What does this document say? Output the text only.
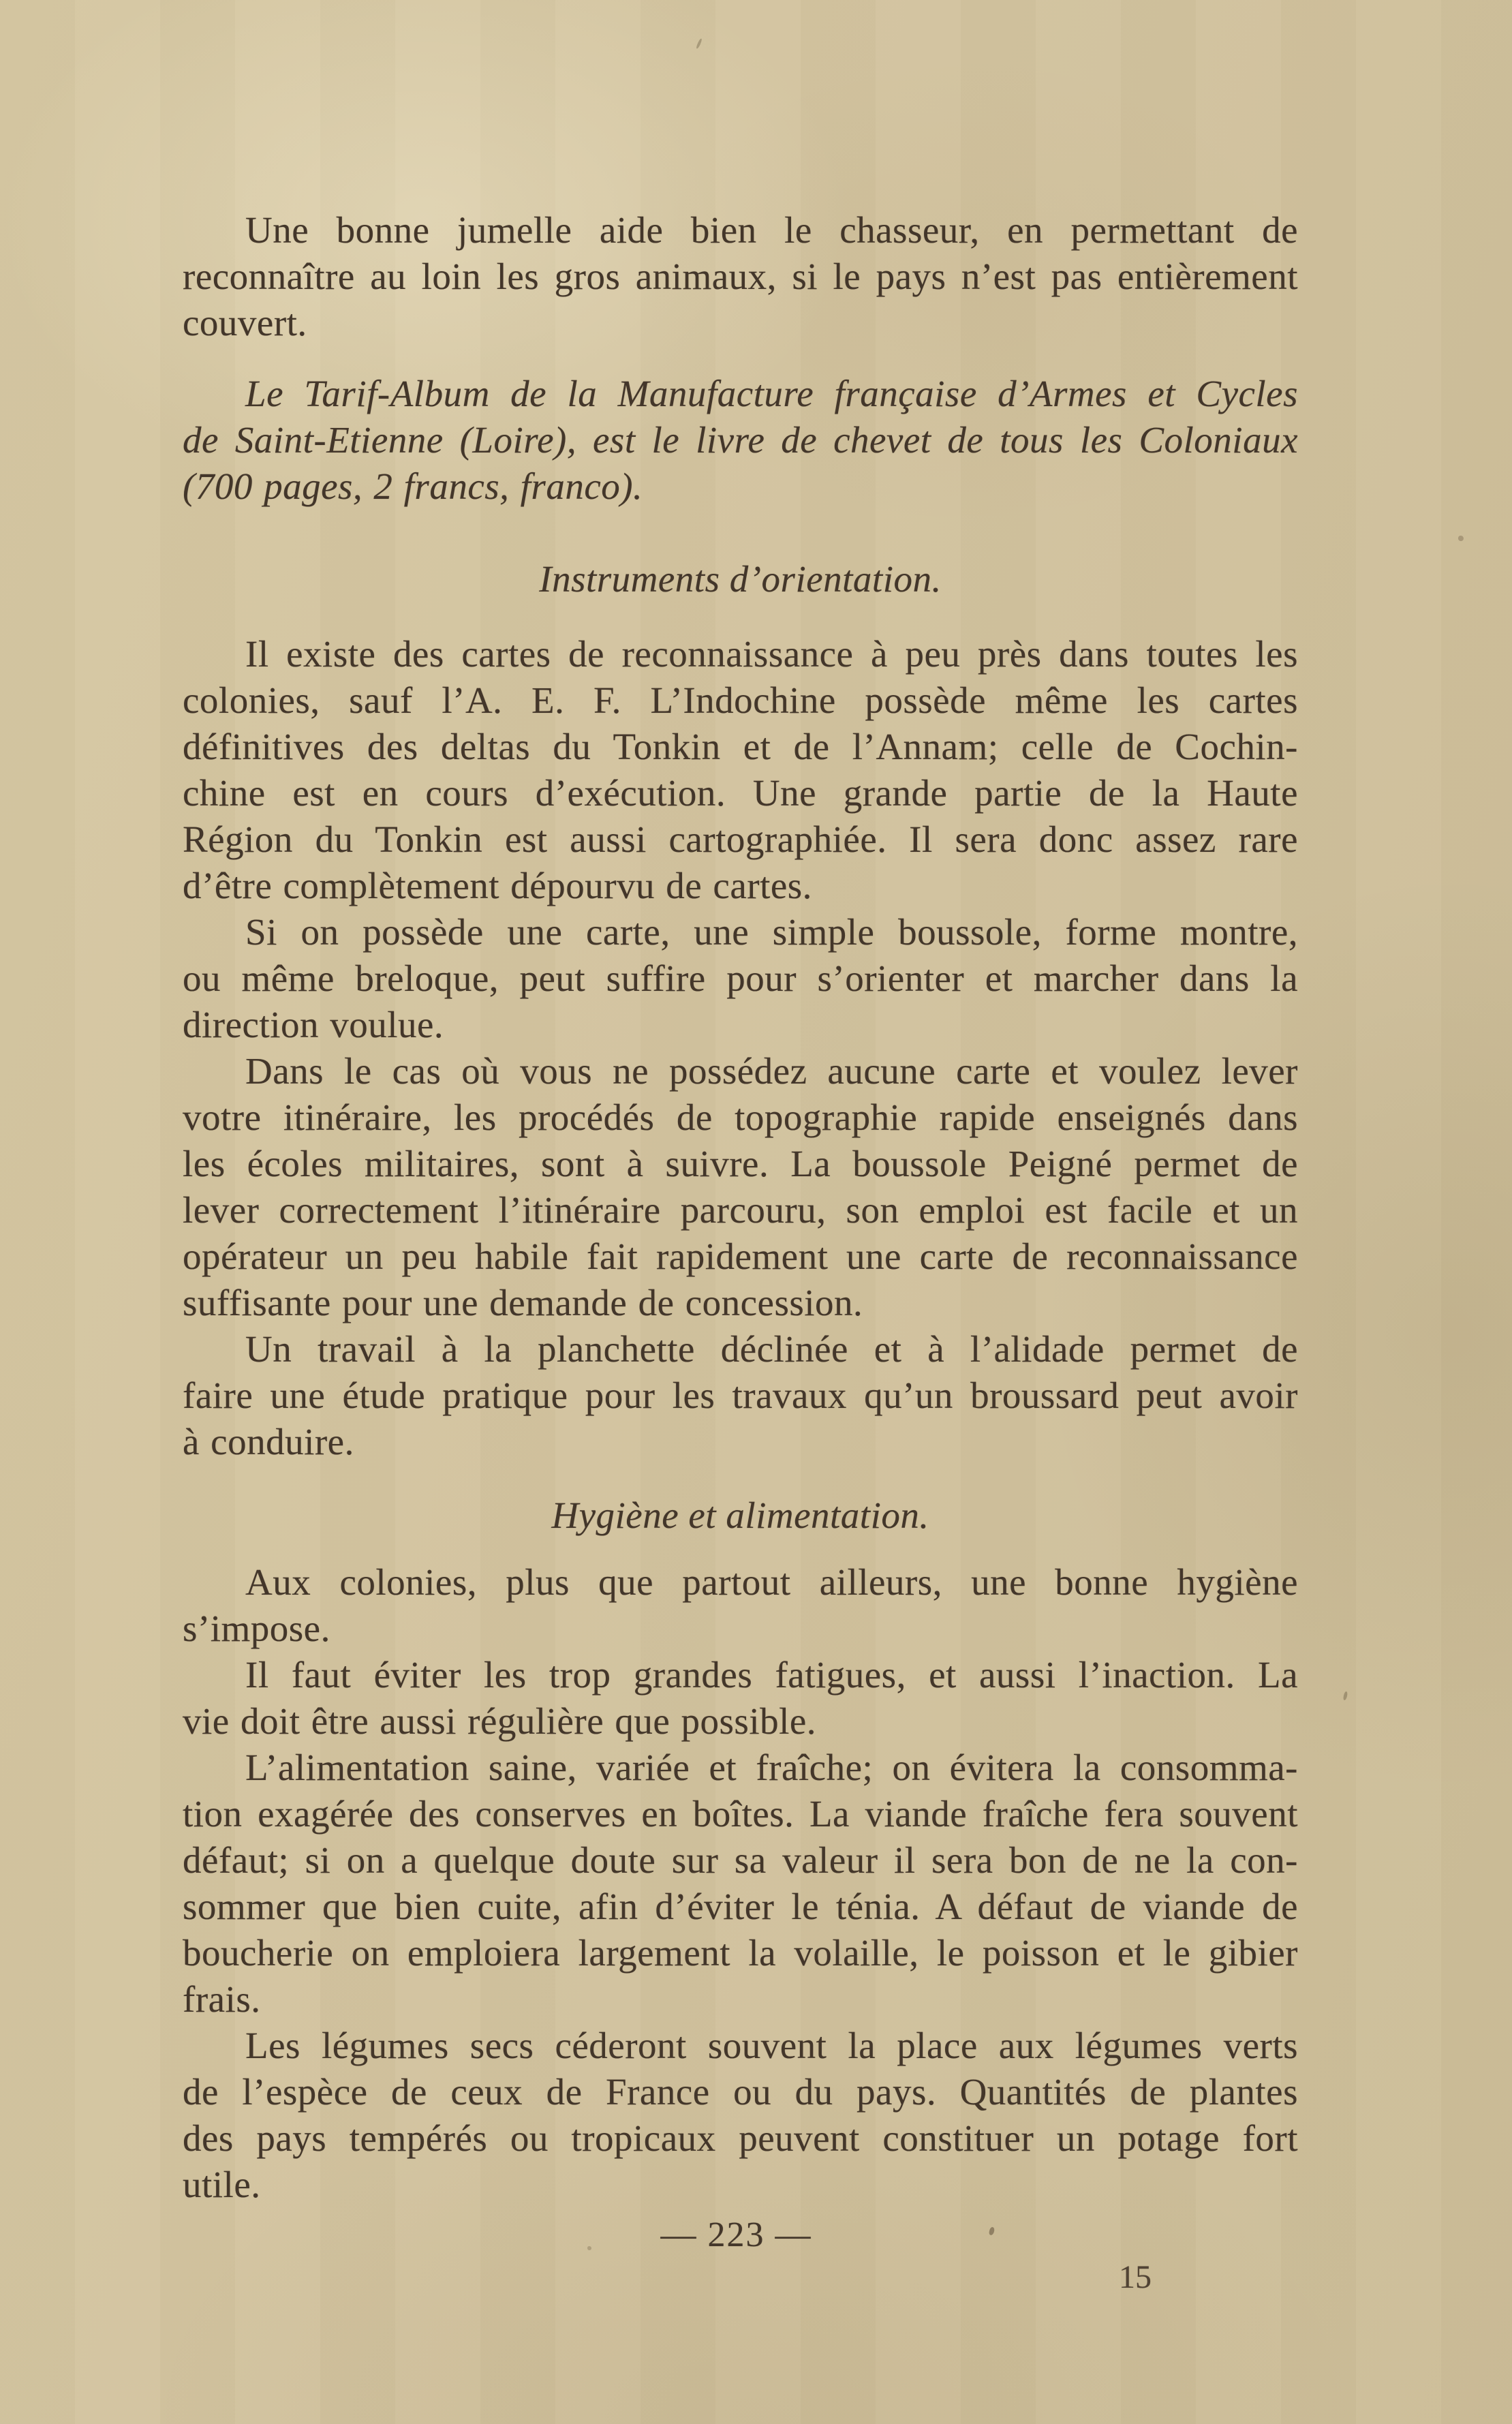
Une bonne jumelle aide bien le chasseur, en permettant de
reconnaître au loin les gros animaux, si le pays n’est pas entièrement
couvert.
Le Tarif-Album de la Manufacture française d’Armes et Cycles
de Saint-Etienne (Loire), est le livre de chevet de tous les Coloniaux
(700 pages, 2 francs, franco).
Instruments d’orientation.
Il existe des cartes de reconnaissance à peu près dans toutes les
colonies, sauf l’A. E. F. L’Indochine possède même les cartes
définitives des deltas du Tonkin et de l’Annam; celle de Cochin-
chine est en cours d’exécution. Une grande partie de la Haute
Région du Tonkin est aussi cartographiée. Il sera donc assez rare
d’être complètement dépourvu de cartes.
Si on possède une carte, une simple boussole, forme montre,
ou même breloque, peut suffire pour s’orienter et marcher dans la
direction voulue.
Dans le cas où vous ne possédez aucune carte et voulez lever
votre itinéraire, les procédés de topographie rapide enseignés dans
les écoles militaires, sont à suivre. La boussole Peigné permet de
lever correctement l’itinéraire parcouru, son emploi est facile et un
opérateur un peu habile fait rapidement une carte de reconnaissance
suffisante pour une demande de concession.
Un travail à la planchette déclinée et à l’alidade permet de
faire une étude pratique pour les travaux qu’un broussard peut avoir
à conduire.
Hygiène et alimentation.
Aux colonies, plus que partout ailleurs, une bonne hygiène
s’impose.
Il faut éviter les trop grandes fatigues, et aussi l’inaction. La
vie doit être aussi régulière que possible.
L’alimentation saine, variée et fraîche; on évitera la consomma-
tion exagérée des conserves en boîtes. La viande fraîche fera souvent
défaut; si on a quelque doute sur sa valeur il sera bon de ne la con-
sommer que bien cuite, afin d’éviter le ténia. A défaut de viande de
boucherie on emploiera largement la volaille, le poisson et le gibier
frais.
Les légumes secs céderont souvent la place aux légumes verts
de l’espèce de ceux de France ou du pays. Quantités de plantes
des pays tempérés ou tropicaux peuvent constituer un potage fort
utile.
— 223 —
15
